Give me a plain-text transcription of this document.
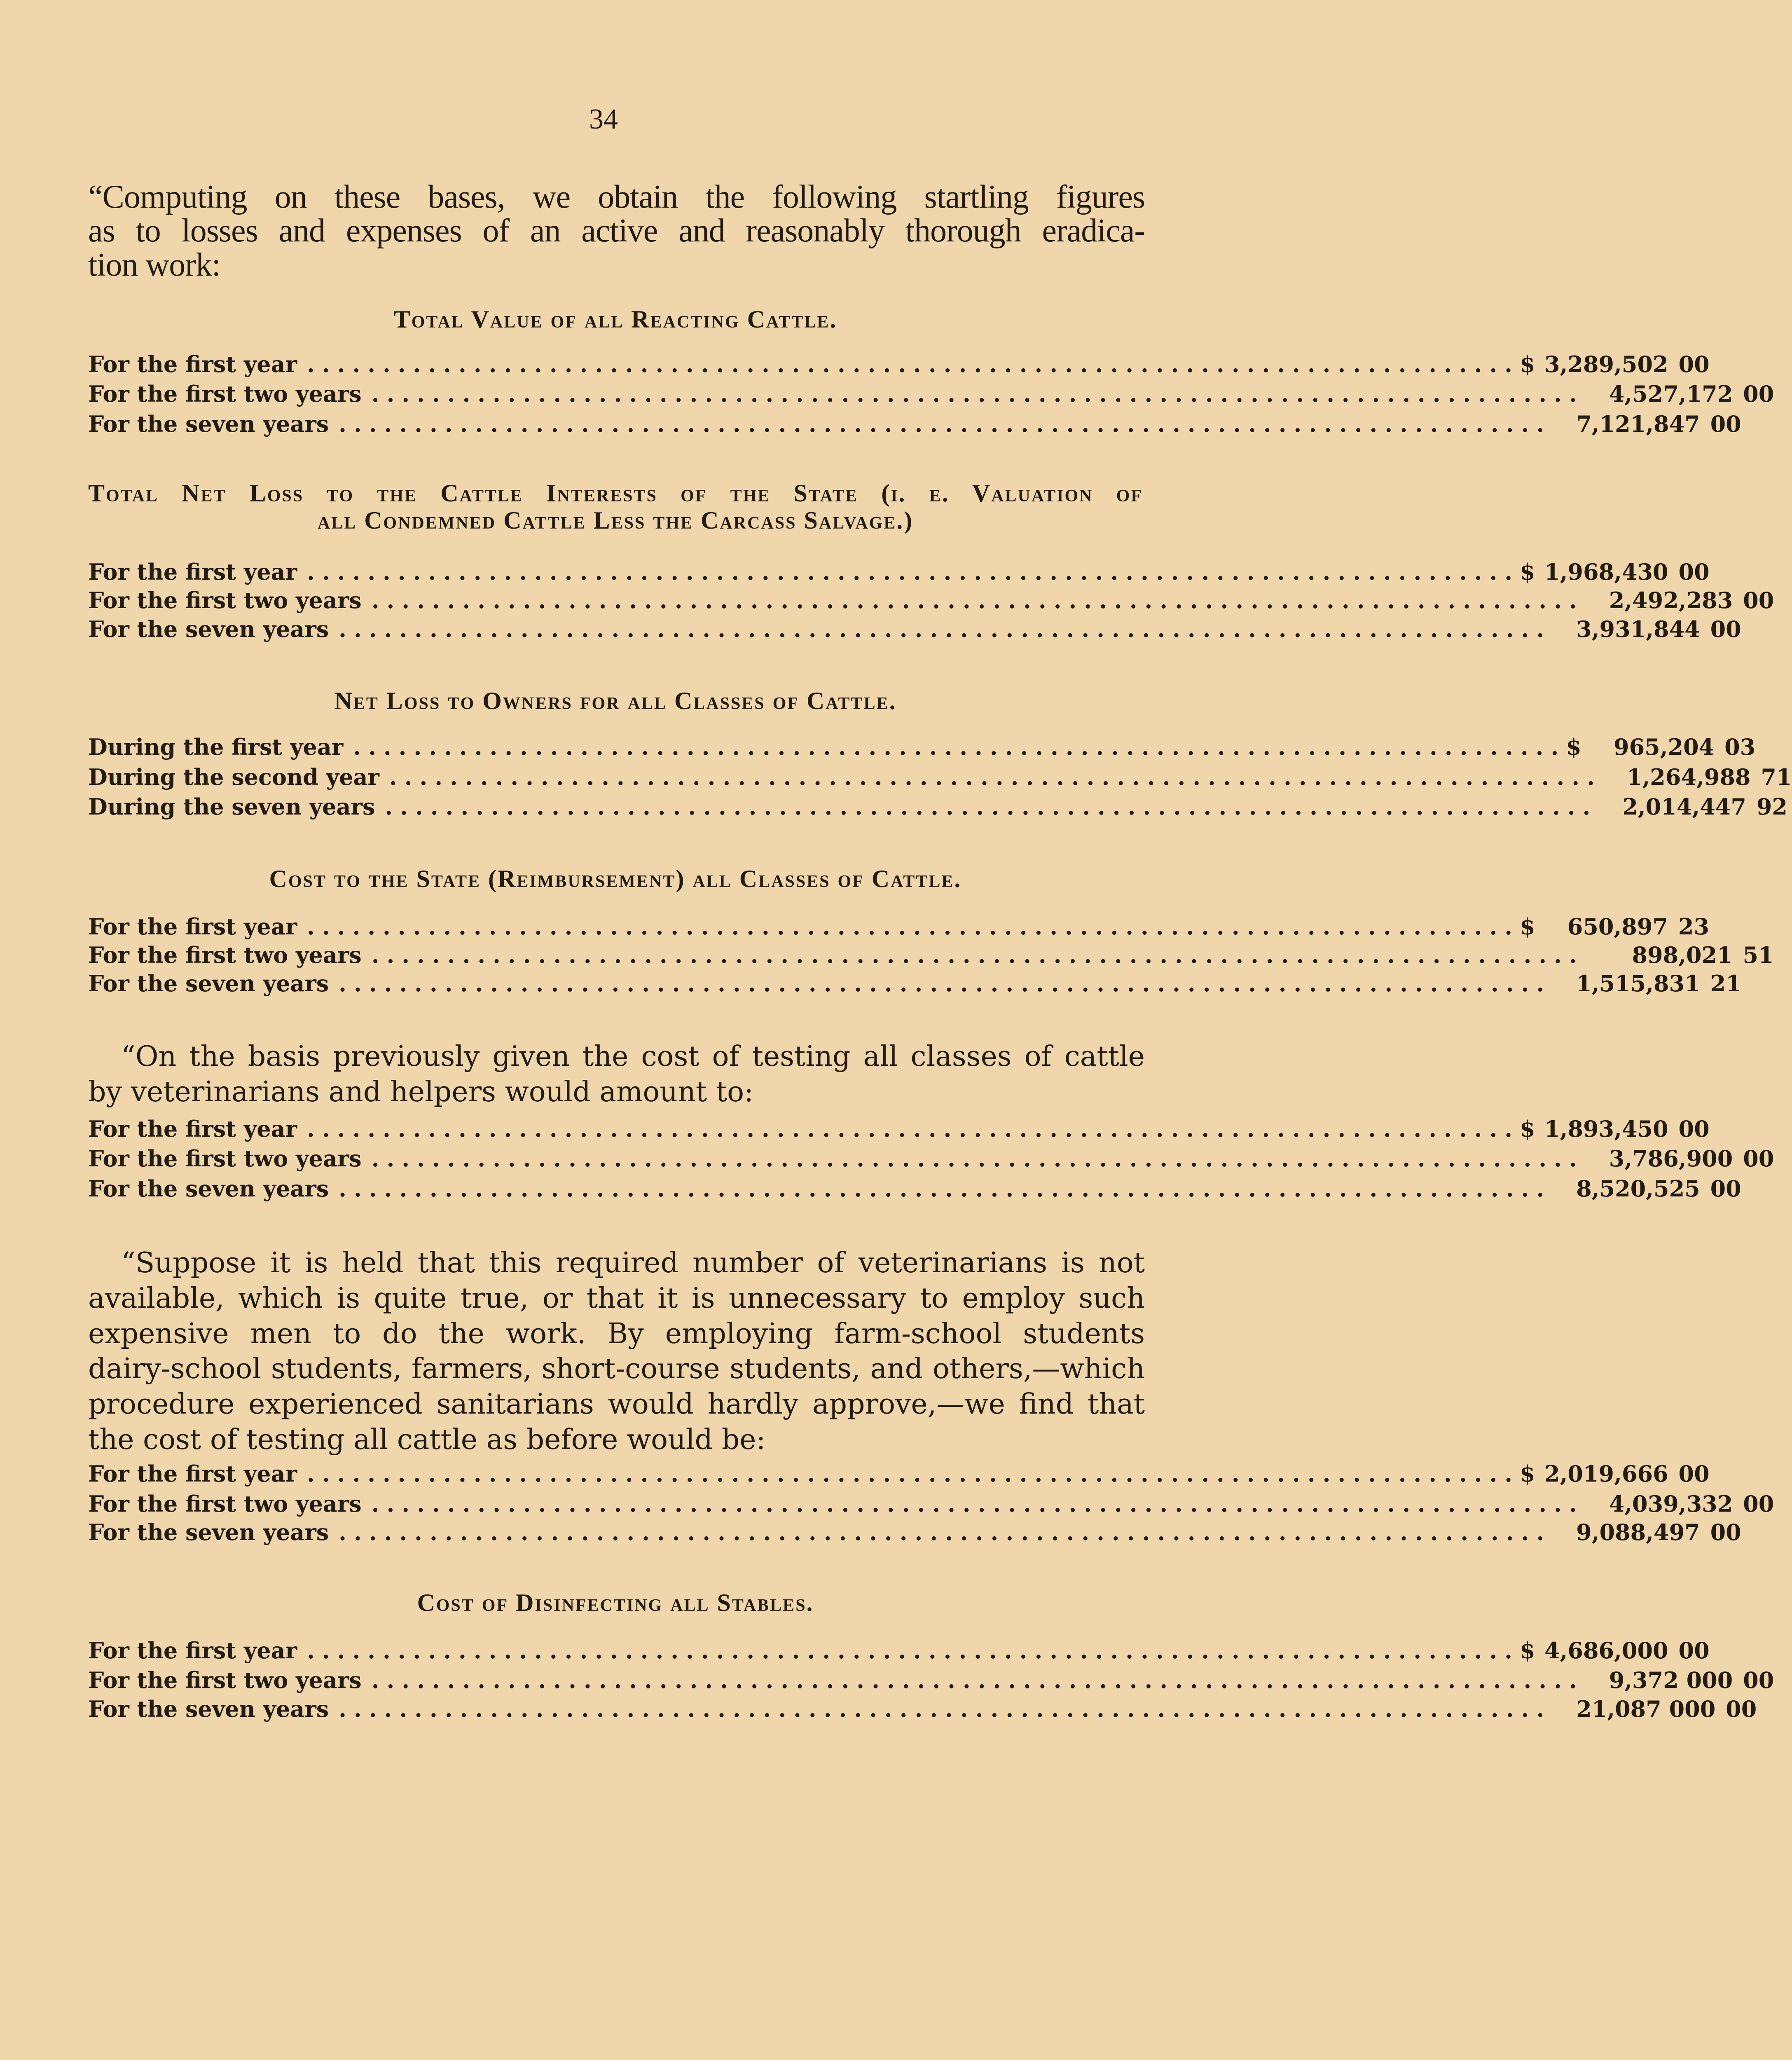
34
“Computing on these bases, we obtain the following startling figures
as to losses and expenses of an active and reasonably thorough eradica-
tion work:
Total Value of all Reacting Cattle.
For the first year ................................................................................ $ 3,289,502 00
For the first two years ................................................................................ 4,527,172 00
For the seven years ................................................................................ 7,121,847 00
Total Net Loss to the Cattle Interests of the State (i. e. Valuation of
all Condemned Cattle Less the Carcass Salvage.)
For the first year ................................................................................ $ 1,968,430 00
For the first two years ................................................................................ 2,492,283 00
For the seven years ................................................................................ 3,931,844 00
Net Loss to Owners for all Classes of Cattle.
During the first year ................................................................................ $	965,204 03
During the second year ................................................................................ 1,264,988 71
During the seven years ................................................................................ 2,014,447 92
Cost to the State (Reimbursement) all Classes of Cattle.
For the first year ................................................................................ $	650,897 23
For the first two years ................................................................................	898,021 51
For the seven years ................................................................................ 1,515,831 21
“On the basis previously given the cost of testing all classes of cattle
by veterinarians and helpers would amount to:
For the first year ................................................................................ $ 1,893,450 00
For the first two years ................................................................................ 3,786,900 00
For the seven years ................................................................................ 8,520,525 00
“Suppose it is held that this required number of veterinarians is not
available, which is quite true, or that it is unnecessary to employ such
expensive men to do the work. By employing farm-school students
dairy-school students, farmers, short-course students, and others,—which
procedure experienced sanitarians would hardly approve,—we find that
the cost of testing all cattle as before would be:
For the first year ................................................................................ $ 2,019,666 00
For the first two years ................................................................................ 4,039,332 00
For the seven years ................................................................................ 9,088,497 00
Cost of Disinfecting all Stables.
For the first year ................................................................................ $ 4,686,000 00
For the first two years ................................................................................ 9,372 000 00
For the seven years ................................................................................ 21,087 000 00
